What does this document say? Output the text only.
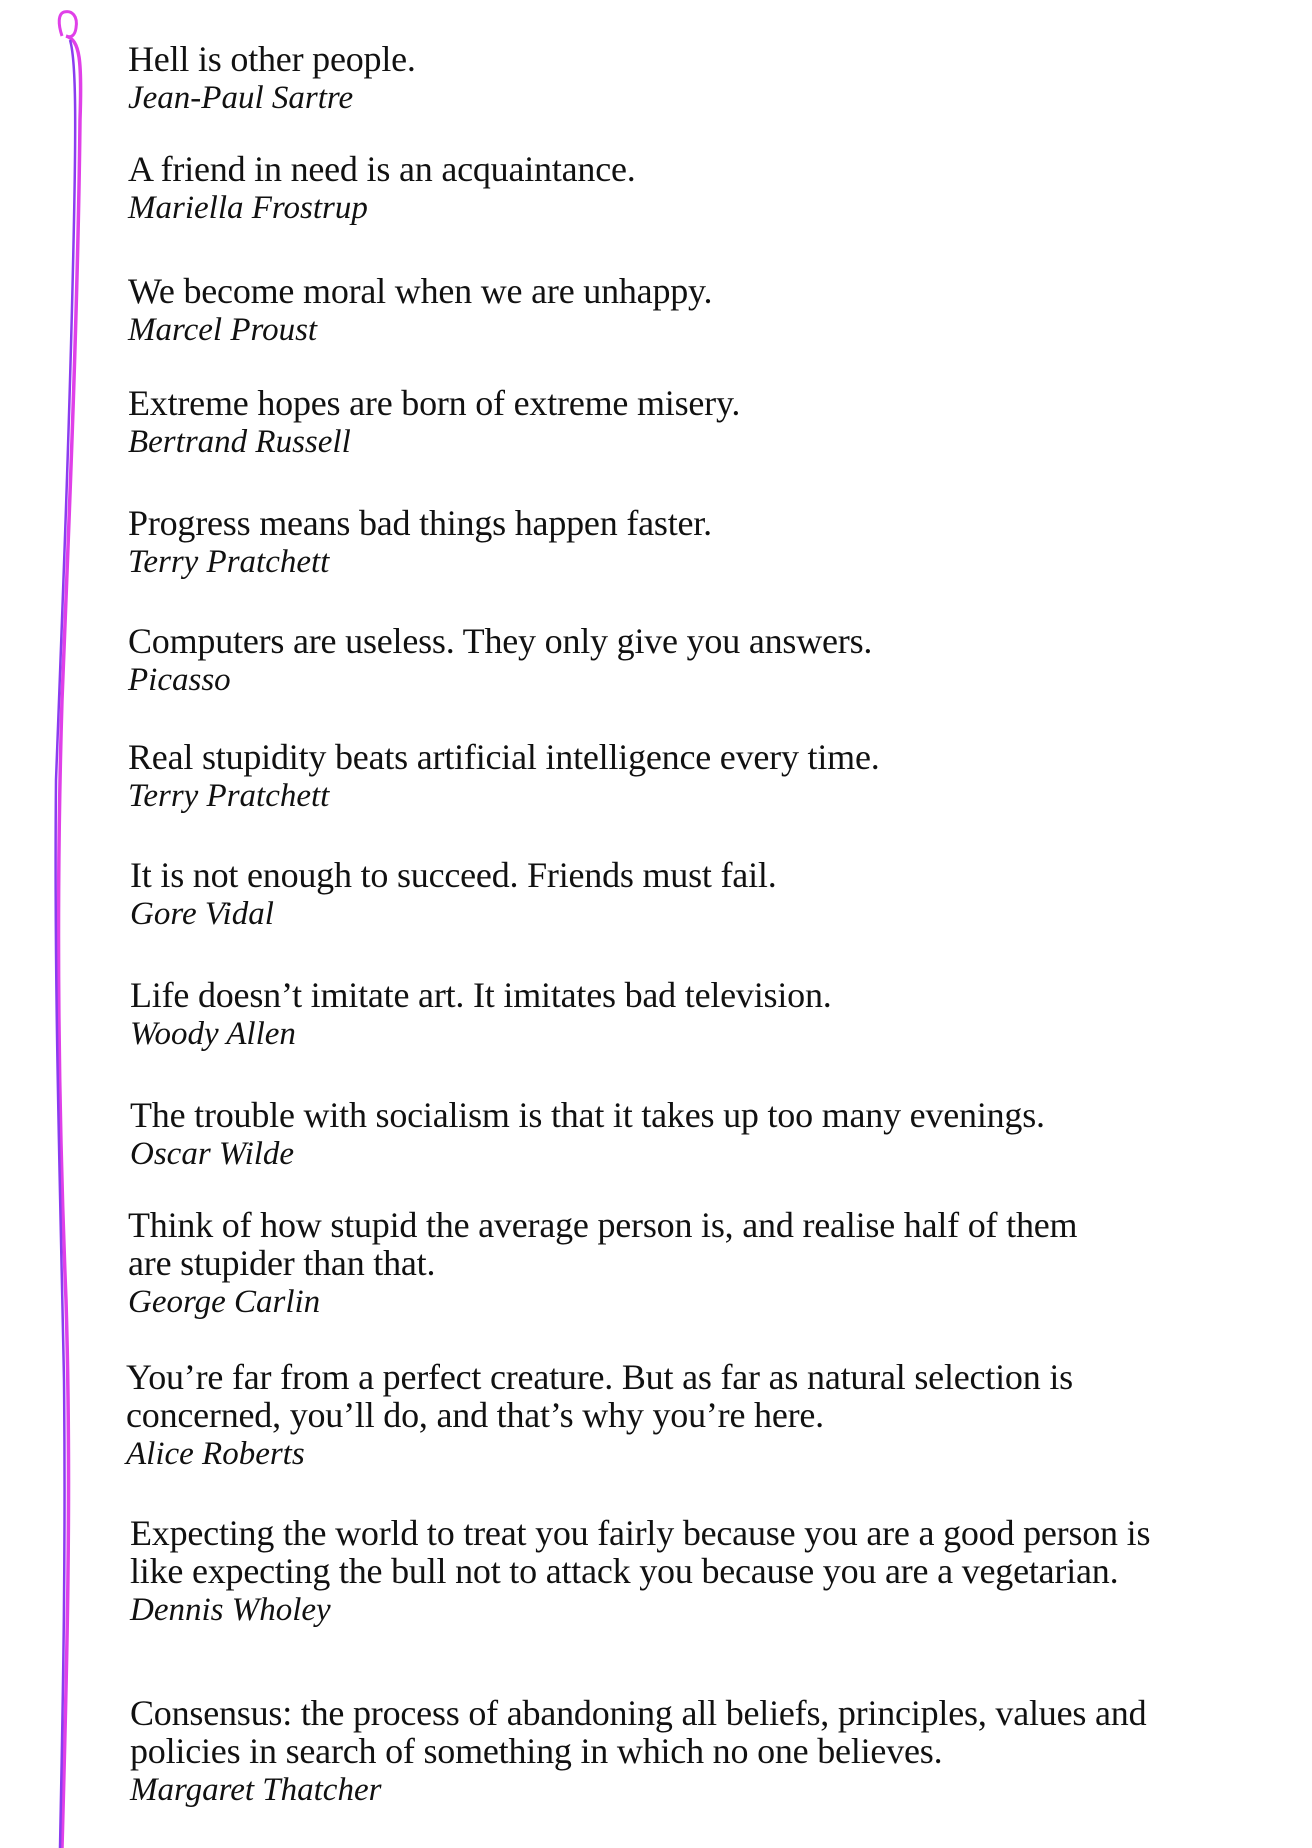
Hell is other people.

Jean-Paul Sartre

A friend in need is an acquaintance.

Mariella Frostrup

We become moral when we are unhappy.

Marcel Proust

Extreme hopes are born of extreme misery.

Bertrand Russell

Progress means bad things happen faster.

Terry Pratchett

Computers are useless. They only give you answers.

Picasso

Real stupidity beats artificial intelligence every time.

Terry Pratchett

It is not enough to succeed. Friends must fail.

Gore Vidal

Life doesn’t imitate art. It imitates bad television.

Woody Allen

The trouble with socialism is that it takes up too many evenings.

Oscar Wilde

Think of how stupid the average person is, and realise half of them are stupider than that.

George Carlin

You’re far from a perfect creature. But as far as natural selection is concerned, you’ll do, and that’s why you’re here.

Alice Roberts

Expecting the world to treat you fairly because you are a good person is like expecting the bull not to attack you because you are a vegetarian.

Dennis Wholey

Consensus: the process of abandoning all beliefs, principles, values and policies in search of something in which no one believes.

Margaret Thatcher
